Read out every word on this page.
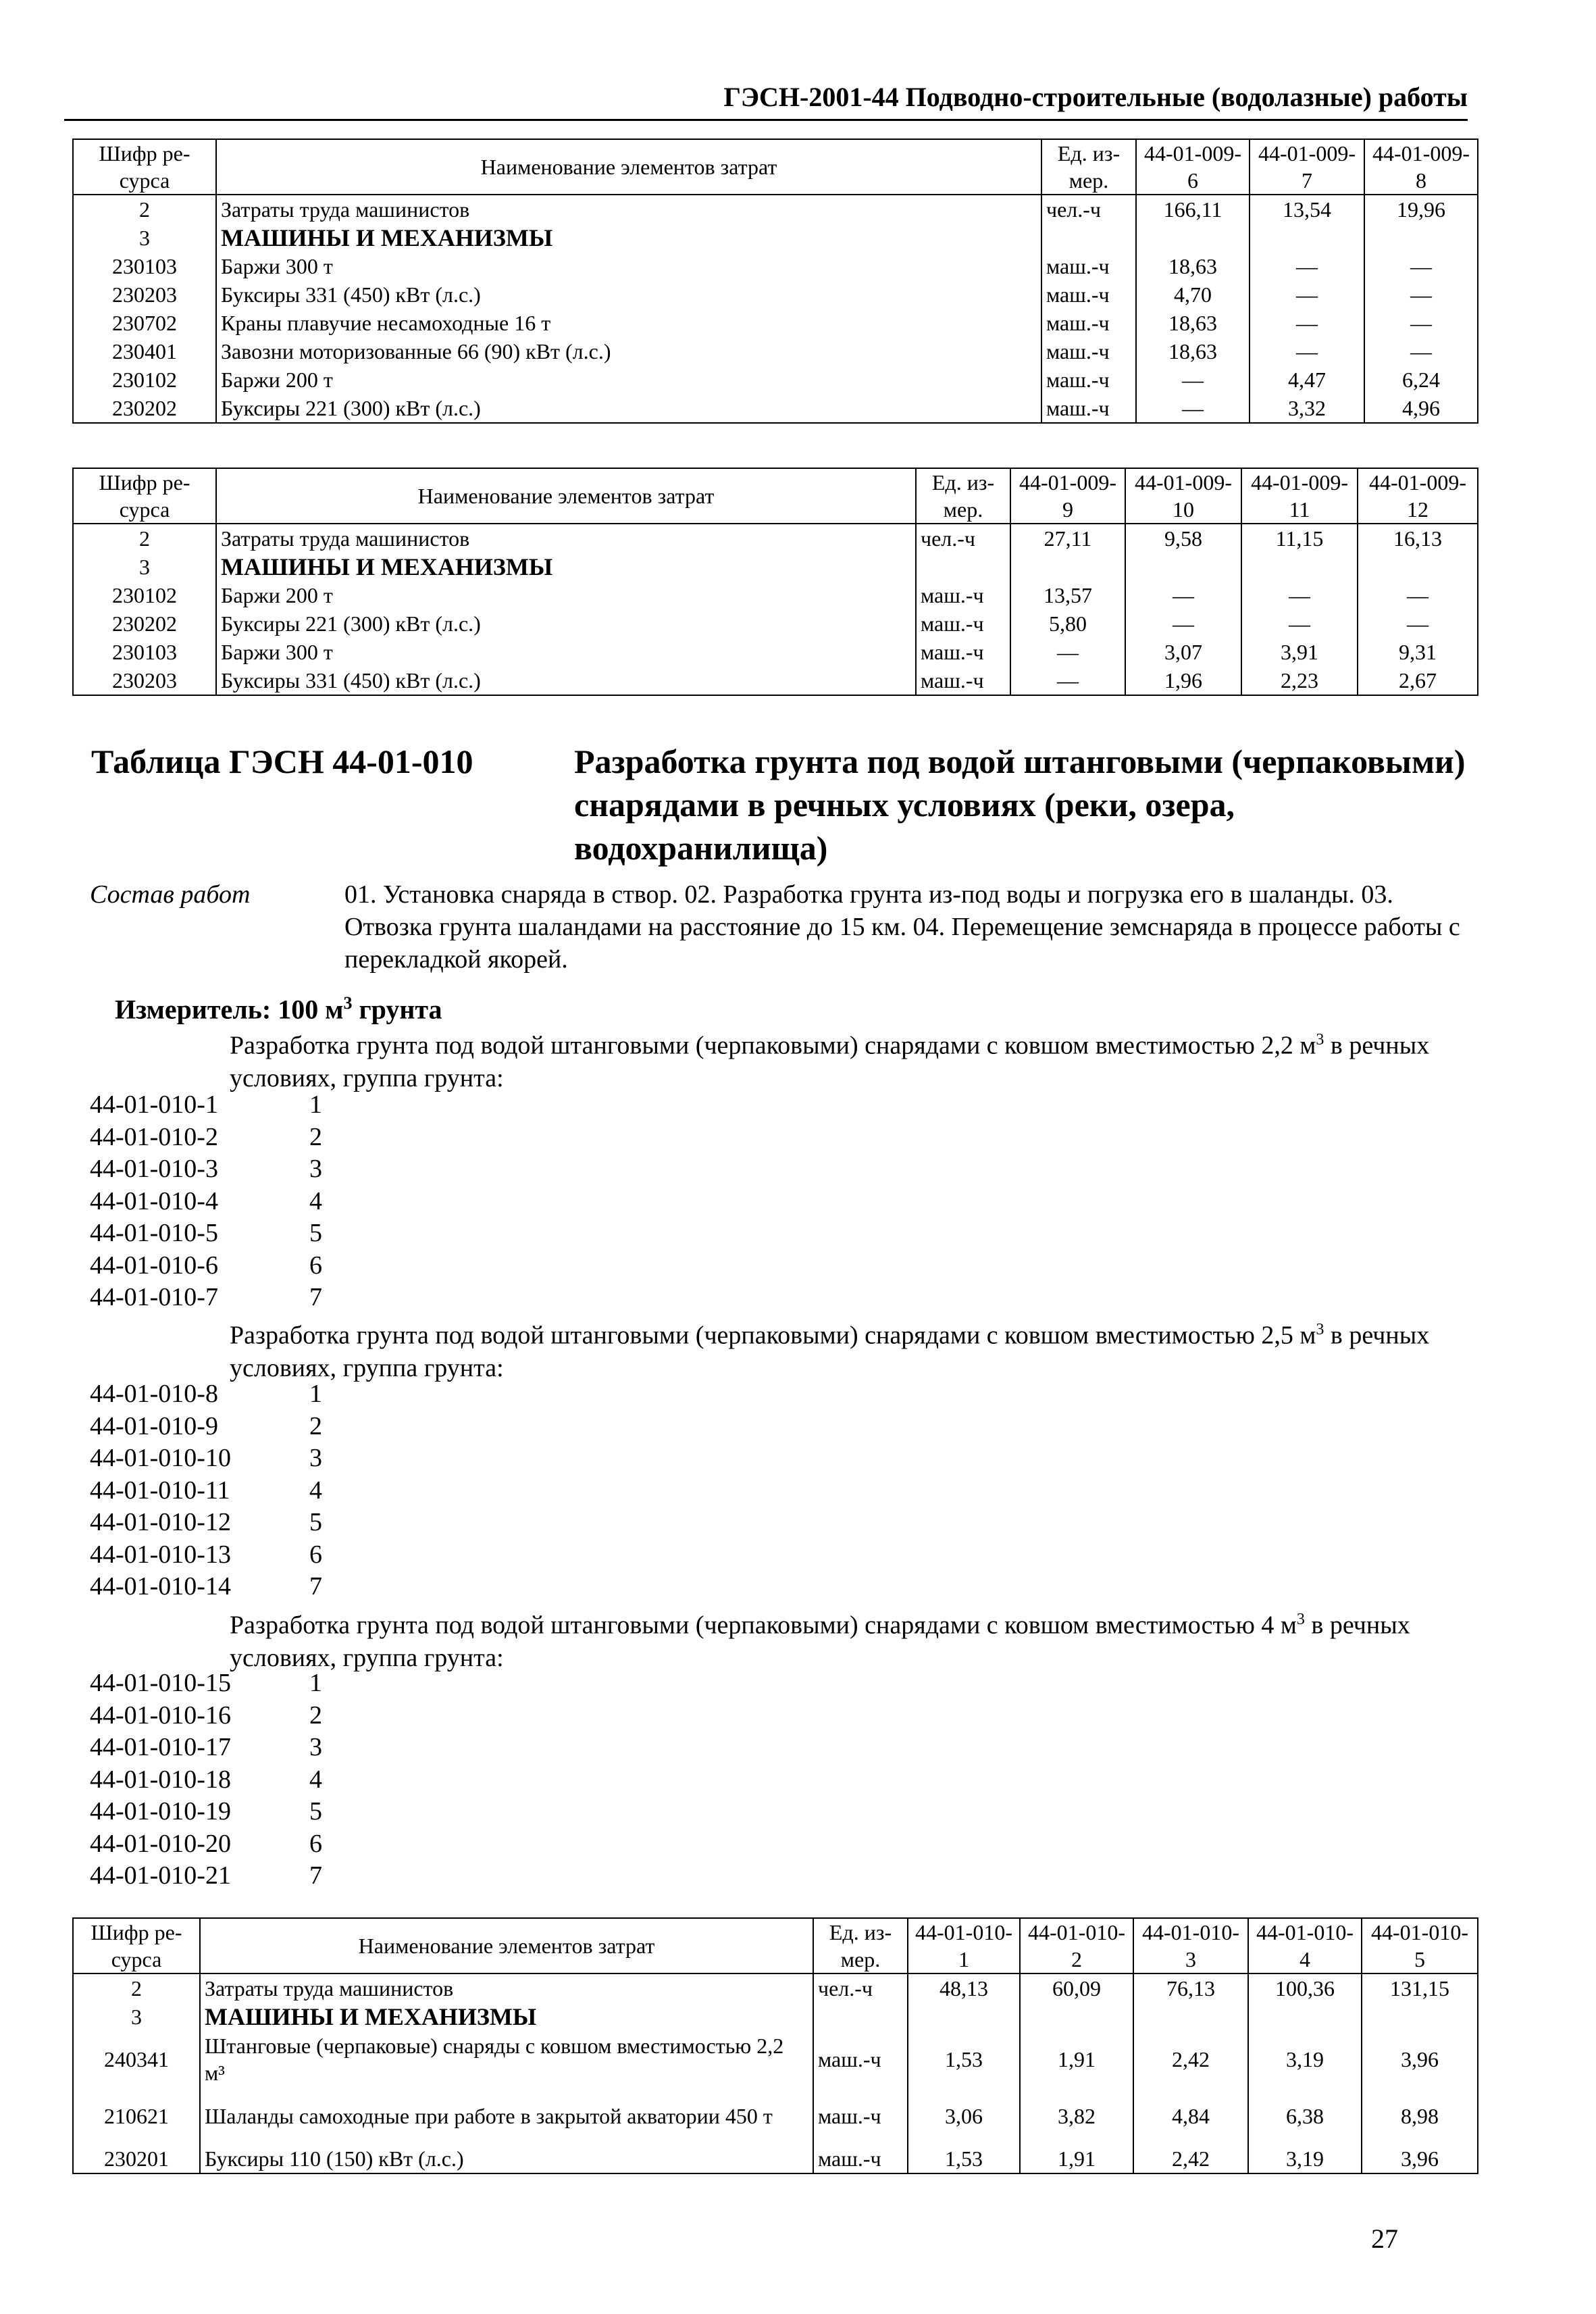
ГЭСН-2001-44 Подводно-строительные (водолазные) работы
Шифр ре-сурса	Наименование элементов затрат	Ед. из-мер.	44-01-009-6	44-01-009-7	44-01-009-8
2	Затраты труда машинистов	чел.-ч	166,11	13,54	19,96
3	МАШИНЫ И МЕХАНИЗМЫ				
230103	Баржи 300 т	маш.-ч	18,63	—	—
230203	Буксиры 331 (450) кВт (л.с.)	маш.-ч	4,70	—	—
230702	Краны плавучие несамоходные 16 т	маш.-ч	18,63	—	—
230401	Завозни моторизованные 66 (90) кВт (л.с.)	маш.-ч	18,63	—	—
230102	Баржи 200 т	маш.-ч	—	4,47	6,24
230202	Буксиры 221 (300) кВт (л.с.)	маш.-ч	—	3,32	4,96
Шифр ре-сурса	Наименование элементов затрат	Ед. из-мер.	44-01-009-9	44-01-009-10	44-01-009-11	44-01-009-12
2	Затраты труда машинистов	чел.-ч	27,11	9,58	11,15	16,13
3	МАШИНЫ И МЕХАНИЗМЫ					
230102	Баржи 200 т	маш.-ч	13,57	—	—	—
230202	Буксиры 221 (300) кВт (л.с.)	маш.-ч	5,80	—	—	—
230103	Баржи 300 т	маш.-ч	—	3,07	3,91	9,31
230203	Буксиры 331 (450) кВт (л.с.)	маш.-ч	—	1,96	2,23	2,67
Таблица ГЭСН 44-01-010	Разработка грунта под водой штанговыми (черпаковыми) снарядами в речных условиях (реки, озера, водохранилища)
Состав работ	01. Установка снаряда в створ. 02. Разработка грунта из-под воды и погрузка его в шаланды. 03. Отвозка грунта шаландами на расстояние до 15 км. 04. Перемещение земснаряда в процессе работы с перекладкой якорей.
Измеритель: 100 $м^3$ грунта
Разработка грунта под водой штанговыми (черпаковыми) снарядами с ковшом вместимостью 2,2 $м^3$ в речных условиях, группа грунта:
44-01-010-1	1
44-01-010-2	2
44-01-010-3	3
44-01-010-4	4
44-01-010-5	5
44-01-010-6	6
44-01-010-7	7
Разработка грунта под водой штанговыми (черпаковыми) снарядами с ковшом вместимостью 2,5 $м^3$ в речных условиях, группа грунта:
44-01-010-8	1
44-01-010-9	2
44-01-010-10	3
44-01-010-11	4
44-01-010-12	5
44-01-010-13	6
44-01-010-14	7
Разработка грунта под водой штанговыми (черпаковыми) снарядами с ковшом вместимостью 4 $м^3$ в речных условиях, группа грунта:
44-01-010-15	1
44-01-010-16	2
44-01-010-17	3
44-01-010-18	4
44-01-010-19	5
44-01-010-20	6
44-01-010-21	7
Шифр ре-сурса	Наименование элементов затрат	Ед. из-мер.	44-01-010-1	44-01-010-2	44-01-010-3	44-01-010-4	44-01-010-5
2	Затраты труда машинистов	чел.-ч	48,13	60,09	76,13	100,36	131,15
3	МАШИНЫ И МЕХАНИЗМЫ						
240341	Штанговые (черпаковые) снаряды с ковшом вместимостью 2,2 м³	маш.-ч	1,53	1,91	2,42	3,19	3,96
210621	Шаланды самоходные при работе в закрытой акватории 450 т	маш.-ч	3,06	3,82	4,84	6,38	8,98
230201	Буксиры 110 (150) кВт (л.с.)	маш.-ч	1,53	1,91	2,42	3,19	3,96
27
